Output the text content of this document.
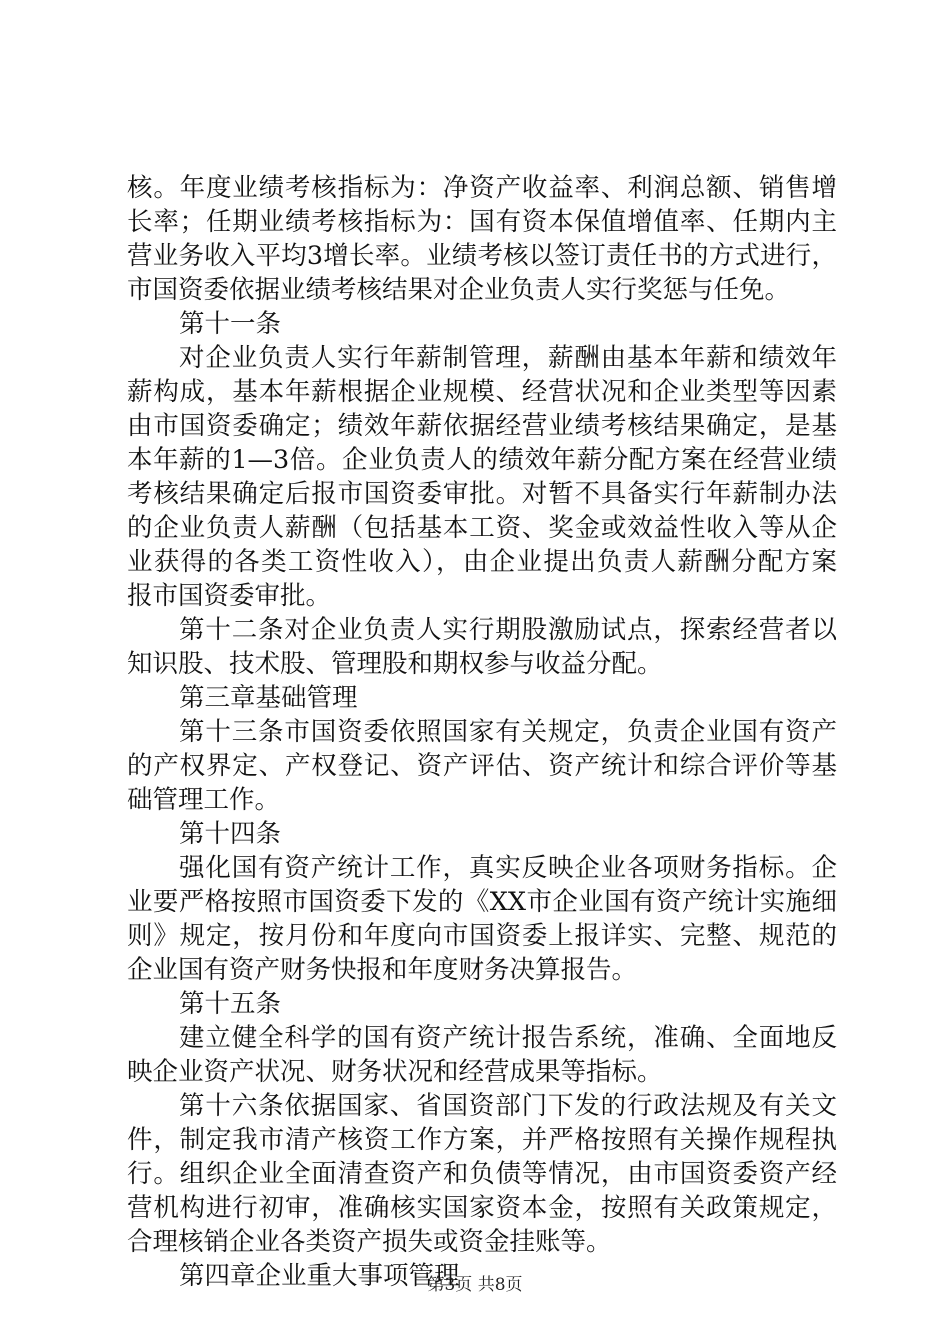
核。年度业绩考核指标为：净资产收益率、利润总额、销售增
长率；任期业绩考核指标为：国有资本保值增值率、任期内主
营业务收入平均3增长率。业绩考核以签订责任书的方式进行，
市国资委依据业绩考核结果对企业负责人实行奖惩与任免。
第十一条
对企业负责人实行年薪制管理，薪酬由基本年薪和绩效年
薪构成，基本年薪根据企业规模、经营状况和企业类型等因素
由市国资委确定；绩效年薪依据经营业绩考核结果确定，是基
本年薪的1—3倍。企业负责人的绩效年薪分配方案在经营业绩
考核结果确定后报市国资委审批。对暂不具备实行年薪制办法
的企业负责人薪酬（包括基本工资、奖金或效益性收入等从企
业获得的各类工资性收入），由企业提出负责人薪酬分配方案
报市国资委审批。
第十二条对企业负责人实行期股激励试点，探索经营者以
知识股、技术股、管理股和期权参与收益分配。
第三章基础管理
第十三条市国资委依照国家有关规定，负责企业国有资产
的产权界定、产权登记、资产评估、资产统计和综合评价等基
础管理工作。
第十四条
强化国有资产统计工作，真实反映企业各项财务指标。企
业要严格按照市国资委下发的《XX市企业国有资产统计实施细
则》规定，按月份和年度向市国资委上报详实、完整、规范的
企业国有资产财务快报和年度财务决算报告。
第十五条
建立健全科学的国有资产统计报告系统，准确、全面地反
映企业资产状况、财务状况和经营成果等指标。
第十六条依据国家、省国资部门下发的行政法规及有关文
件，制定我市清产核资工作方案，并严格按照有关操作规程执
行。组织企业全面清查资产和负债等情况，由市国资委资产经
营机构进行初审，准确核实国家资本金，按照有关政策规定，
合理核销企业各类资产损失或资金挂账等。
第四章企业重大事项管理
第3页 共8页
